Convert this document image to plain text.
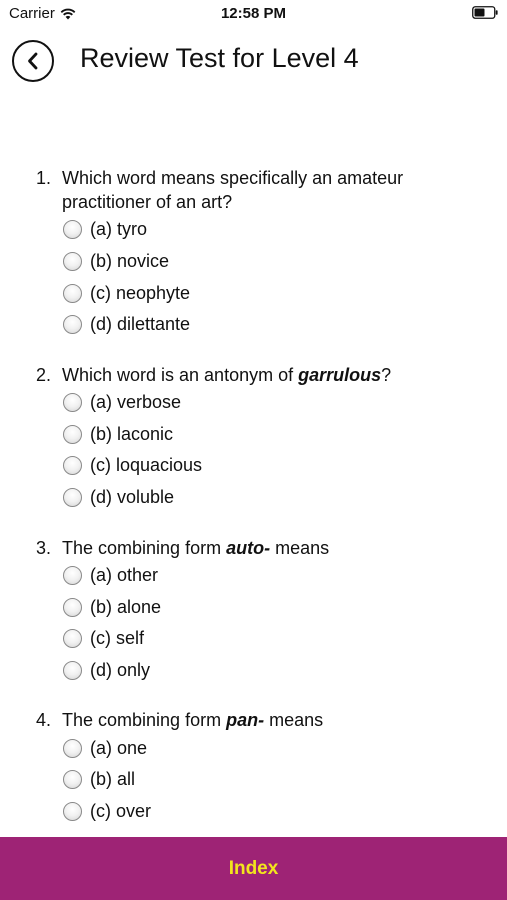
Carrier	12:58 PM
Review Test for Level 4
1. Which word means specifically an amateur practitioner of an art?
(a) tyro
(b) novice
(c) neophyte
(d) dilettante
2. Which word is an antonym of garrulous?
(a) verbose
(b) laconic
(c) loquacious
(d) voluble
3. The combining form auto- means
(a) other
(b) alone
(c) self
(d) only
4. The combining form pan- means
(a) one
(b) all
(c) over
Index
